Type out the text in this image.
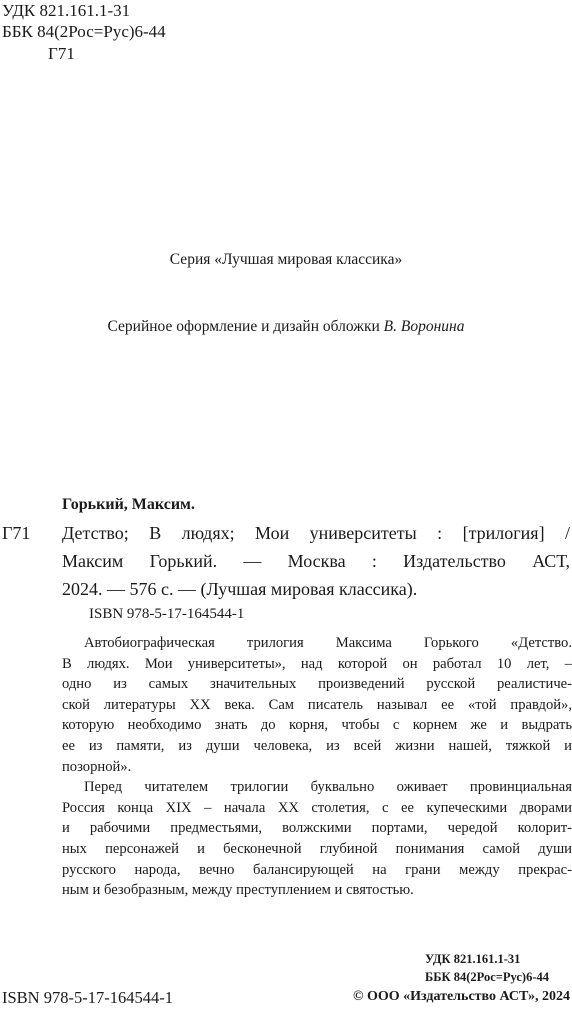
УДК 821.161.1-31
ББК 84(2Рос=Рус)6-44
Г71
Серия «Лучшая мировая классика»
Серийное оформление и дизайн обложки В. Воронина
Горький, Максим.
Г71 Детство; В людях; Мои университеты : [трилогия] /
Максим Горький. — Москва : Издательство АСТ,
2024. — 576 с. — (Лучшая мировая классика).
ISBN 978-5-17-164544-1
Автобиографическая трилогия Максима Горького «Детство.
В людях. Мои университеты», над которой он работал 10 лет, –
одно из самых значительных произведений русской реалистиче-
ской литературы XX века. Сам писатель называл ее «той правдой»,
которую необходимо знать до корня, чтобы с корнем же и выдрать
ее из памяти, из души человека, из всей жизни нашей, тяжкой и
позорной».
Перед читателем трилогии буквально оживает провинциальная
Россия конца XIX – начала XX столетия, с ее купеческими дворами
и рабочими предместьями, волжскими портами, чередой колорит-
ных персонажей и бесконечной глубиной понимания самой души
русского народа, вечно балансирующей на грани между прекрас-
ным и безобразным, между преступлением и святостью.
УДК 821.161.1-31
ББК 84(2Рос=Рус)6-44
ISBN 978-5-17-164544-1	© ООО «Издательство АСТ», 2024
